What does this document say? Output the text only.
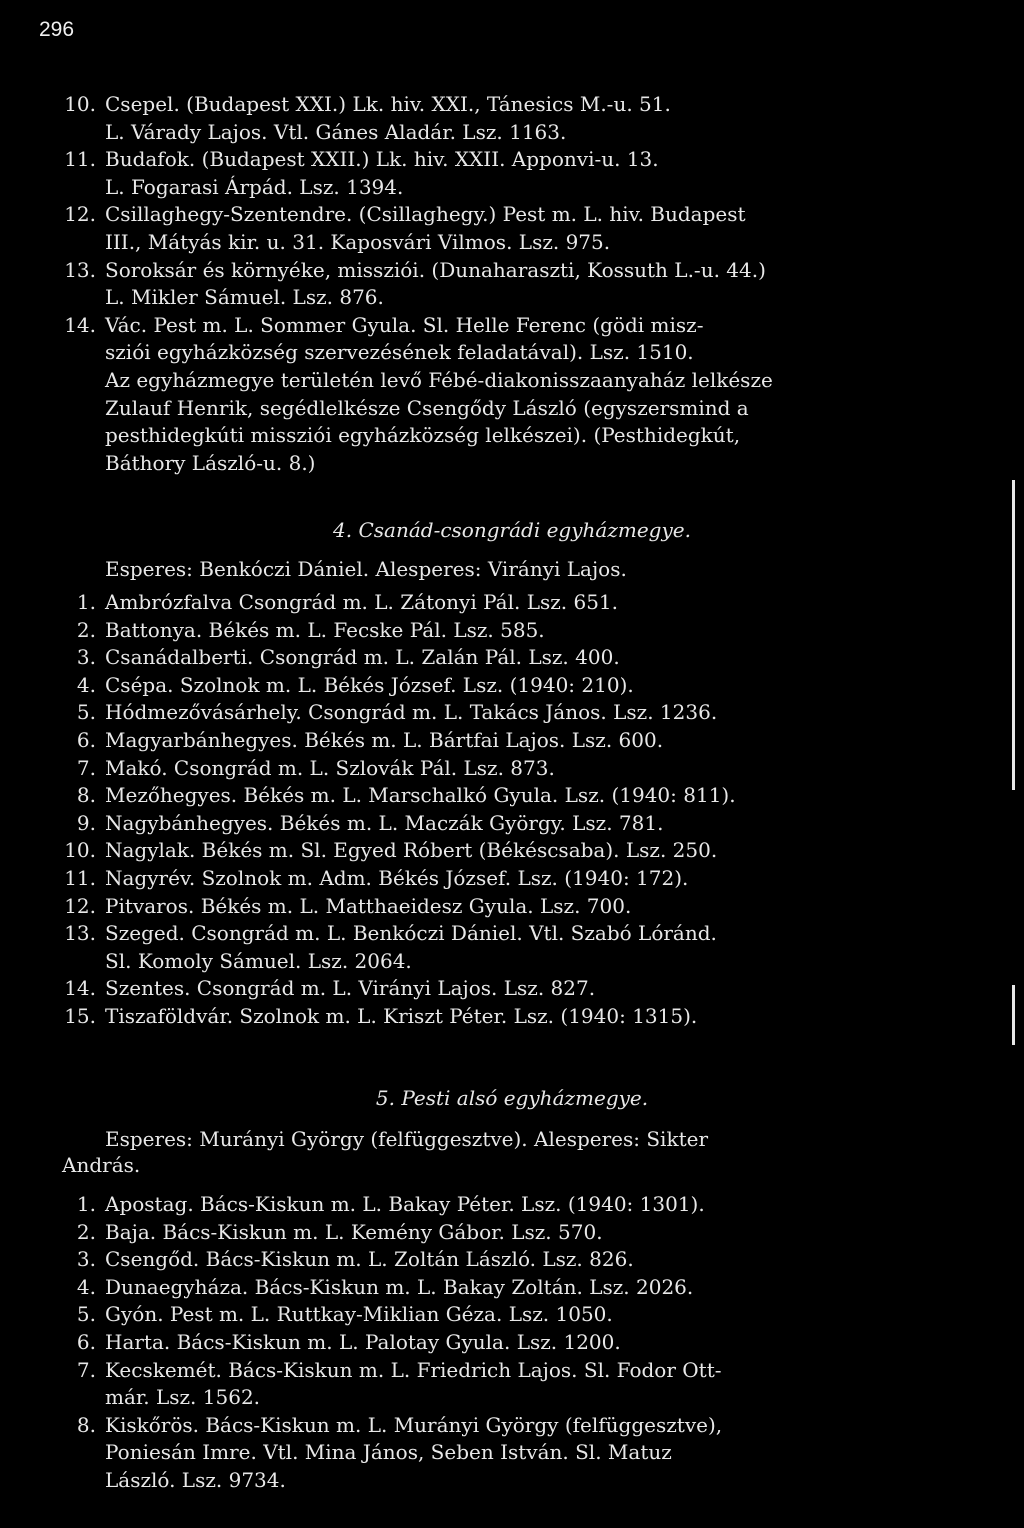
296
10. Csepel. (Budapest XXI.) Lk. hiv. XXI., Tánesics M.-u. 51.
L. Várady Lajos. Vtl. Gánes Aladár. Lsz. 1163.
11. Budafok. (Budapest XXII.) Lk. hiv. XXII. Apponvi-u. 13.
L. Fogarasi Árpád. Lsz. 1394.
12. Csillaghegy-Szentendre. (Csillaghegy.) Pest m. L. hiv. Budapest
III., Mátyás kir. u. 31. Kaposvári Vilmos. Lsz. 975.
13. Soroksár és környéke, missziói. (Dunaharaszti, Kossuth L.-u. 44.)
L. Mikler Sámuel. Lsz. 876.
14. Vác. Pest m. L. Sommer Gyula. Sl. Helle Ferenc (gödi misz-
sziói egyházközség szervezésének feladatával). Lsz. 1510.
Az egyházmegye területén levő Fébé-diakonisszaanyaház lelkésze
Zulauf Henrik, segédlelkésze Csengődy László (egyszersmind a
pesthidegkúti missziói egyházközség lelkészei). (Pesthidegkút,
Báthory László-u. 8.)
4. Csanád-csongrádi egyházmegye.
Esperes: Benkóczi Dániel. Alesperes: Virányi Lajos.
1. Ambrózfalva Csongrád m. L. Zátonyi Pál. Lsz. 651.
2. Battonya. Békés m. L. Fecske Pál. Lsz. 585.
3. Csanádalberti. Csongrád m. L. Zalán Pál. Lsz. 400.
4. Csépa. Szolnok m. L. Békés József. Lsz. (1940: 210).
5. Hódmezővásárhely. Csongrád m. L. Takács János. Lsz. 1236.
6. Magyarbánhegyes. Békés m. L. Bártfai Lajos. Lsz. 600.
7. Makó. Csongrád m. L. Szlovák Pál. Lsz. 873.
8. Mezőhegyes. Békés m. L. Marschalkó Gyula. Lsz. (1940: 811).
9. Nagybánhegyes. Békés m. L. Maczák György. Lsz. 781.
10. Nagylak. Békés m. Sl. Egyed Róbert (Békéscsaba). Lsz. 250.
11. Nagyrév. Szolnok m. Adm. Békés József. Lsz. (1940: 172).
12. Pitvaros. Békés m. L. Matthaeidesz Gyula. Lsz. 700.
13. Szeged. Csongrád m. L. Benkóczi Dániel. Vtl. Szabó Lóránd.
Sl. Komoly Sámuel. Lsz. 2064.
14. Szentes. Csongrád m. L. Virányi Lajos. Lsz. 827.
15. Tiszaföldvár. Szolnok m. L. Kriszt Péter. Lsz. (1940: 1315).
5. Pesti alsó egyházmegye.
Esperes: Murányi György (felfüggesztve). Alesperes: Sikter
András.
1. Apostag. Bács-Kiskun m. L. Bakay Péter. Lsz. (1940: 1301).
2. Baja. Bács-Kiskun m. L. Kemény Gábor. Lsz. 570.
3. Csengőd. Bács-Kiskun m. L. Zoltán László. Lsz. 826.
4. Dunaegyháza. Bács-Kiskun m. L. Bakay Zoltán. Lsz. 2026.
5. Gyón. Pest m. L. Ruttkay-Miklian Géza. Lsz. 1050.
6. Harta. Bács-Kiskun m. L. Palotay Gyula. Lsz. 1200.
7. Kecskemét. Bács-Kiskun m. L. Friedrich Lajos. Sl. Fodor Ott-
már. Lsz. 1562.
8. Kiskőrös. Bács-Kiskun m. L. Murányi György (felfüggesztve),
Poniesán Imre. Vtl. Mina János, Seben István. Sl. Matuz
László. Lsz. 9734.
